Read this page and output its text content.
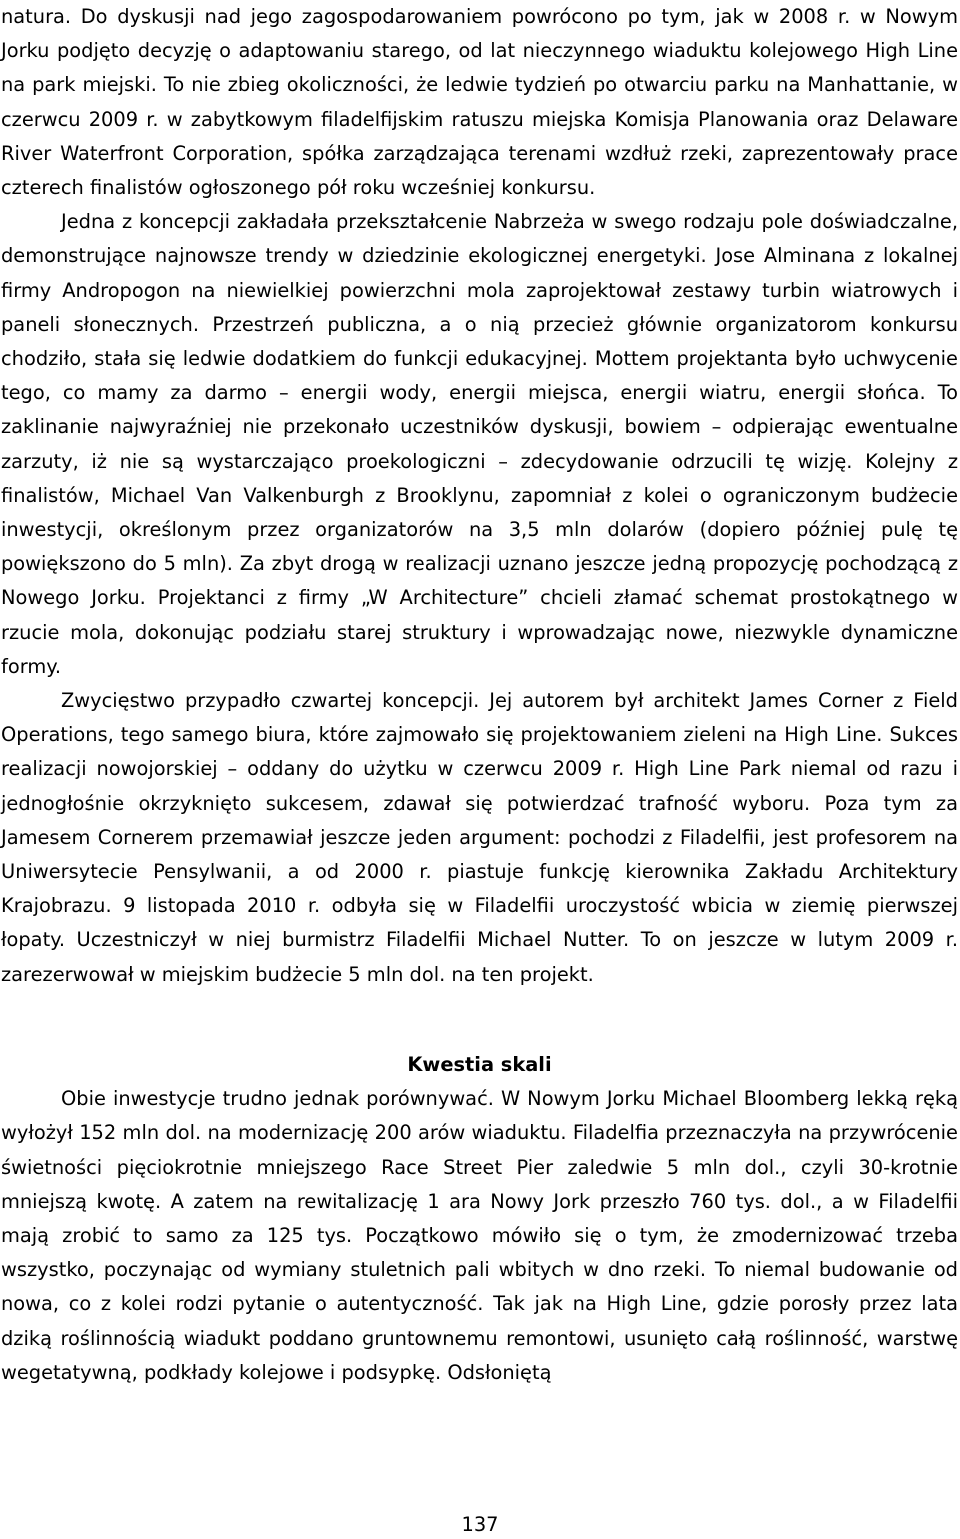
natura. Do dyskusji nad jego zagospodarowaniem powrócono po tym, jak w 2008 r. w Nowym Jorku podjęto decyzję o adaptowaniu starego, od lat nieczynnego wiaduktu kolejowego High Line na park miejski. To nie zbieg okoliczności, że ledwie tydzień po otwarciu parku na Manhattanie, w czerwcu 2009 r. w zabytkowym filadelfijskim ratuszu miejska Komisja Planowania oraz Delaware River Waterfront Corporation, spółka zarządzająca terenami wzdłuż rzeki, zaprezentowały prace czterech finalistów ogłoszonego pół roku wcześniej konkursu.

Jedna z koncepcji zakładała przekształcenie Nabrzeża w swego rodzaju pole doświadczalne, demonstrujące najnowsze trendy w dziedzinie ekologicznej energetyki. Jose Alminana z lokalnej firmy Andropogon na niewielkiej powierzchni mola zaprojektował zestawy turbin wiatrowych i paneli słonecznych. Przestrzeń publiczna, a o nią przecież głównie organizatorom konkursu chodziło, stała się ledwie dodatkiem do funkcji edukacyjnej. Mottem projektanta było uchwycenie tego, co mamy za darmo – energii wody, energii miejsca, energii wiatru, energii słońca. To zaklinanie najwyraźniej nie przekonało uczestników dyskusji, bowiem – odpierając ewentualne zarzuty, iż nie są wystarczająco proekologiczni – zdecydowanie odrzucili tę wizję. Kolejny z finalistów, Michael Van Valkenburgh z Brooklynu, zapomniał z kolei o ograniczonym budżecie inwestycji, określonym przez organizatorów na 3,5 mln dolarów (dopiero później pulę tę powiększono do 5 mln). Za zbyt drogą w realizacji uznano jeszcze jedną propozycję pochodzącą z Nowego Jorku. Projektanci z firmy „W Architecture” chcieli złamać schemat prostokątnego w rzucie mola, dokonując podziału starej struktury i wprowadzając nowe, niezwykle dynamiczne formy.

Zwycięstwo przypadło czwartej koncepcji. Jej autorem był architekt James Corner z Field Operations, tego samego biura, które zajmowało się projektowaniem zieleni na High Line. Sukces realizacji nowojorskiej – oddany do użytku w czerwcu 2009 r. High Line Park niemal od razu i jednogłośnie okrzyknięto sukcesem, zdawał się potwierdzać trafność wyboru. Poza tym za Jamesem Cornerem przemawiał jeszcze jeden argument: pochodzi z Filadelfii, jest profesorem na Uniwersytecie Pensylwanii, a od 2000 r. piastuje funkcję kierownika Zakładu Architektury Krajobrazu. 9 listopada 2010 r. odbyła się w Filadelfii uroczystość wbicia w ziemię pierwszej łopaty. Uczestniczył w niej burmistrz Filadelfii Michael Nutter. To on jeszcze w lutym 2009 r. zarezerwował w miejskim budżecie 5 mln dol. na ten projekt.

Kwestia skali

Obie inwestycje trudno jednak porównywać. W Nowym Jorku Michael Bloomberg lekką ręką wyłożył 152 mln dol. na modernizację 200 arów wiaduktu. Filadelfia przeznaczyła na przywrócenie świetności pięciokrotnie mniejszego Race Street Pier zaledwie 5 mln dol., czyli 30-krotnie mniejszą kwotę. A zatem na rewitalizację 1 ara Nowy Jork przeszło 760 tys. dol., a w Filadelfii mają zrobić to samo za 125 tys. Początkowo mówiło się o tym, że zmodernizować trzeba wszystko, poczynając od wymiany stuletnich pali wbitych w dno rzeki. To niemal budowanie od nowa, co z kolei rodzi pytanie o autentyczność. Tak jak na High Line, gdzie porosły przez lata dziką roślinnością wiadukt poddano gruntownemu remontowi, usunięto całą roślinność, warstwę wegetatywną, podkłady kolejowe i podsypkę. Odsłoniętą

137
